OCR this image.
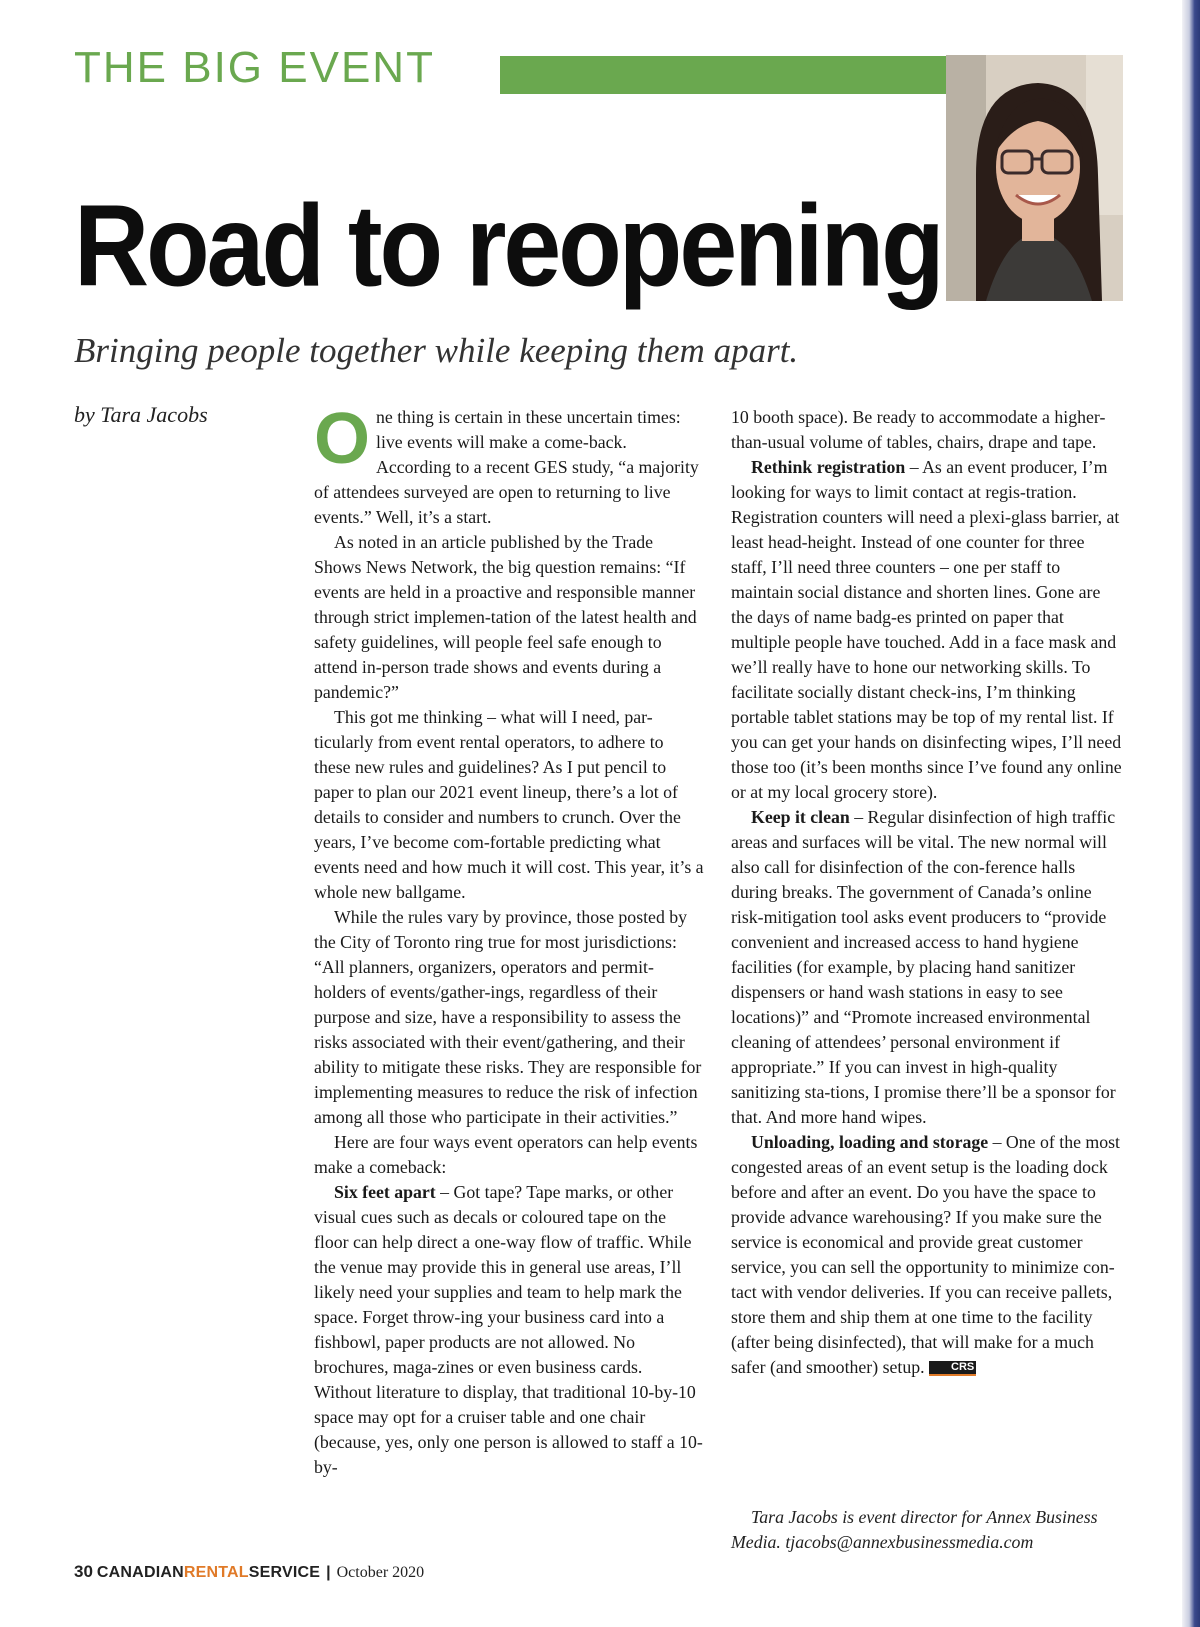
THE BIG EVENT
Road to reopening

Bringing people together while keeping them apart.

by Tara Jacobs One thing is certain in these uncertain times: live events will make a come-back. According to a recent GES study, “a majority of attendees surveyed are open to returning to live events.” Well, it’s a start.

As noted in an article published by the Trade Shows News Network, the big question remains: “If events are held in a proactive and responsible manner through strict implemen-tation of the latest health and safety guidelines, will people feel safe enough to attend in-person trade shows and events during a pandemic?”

This got me thinking – what will I need, par-ticularly from event rental operators, to adhere to these new rules and guidelines? As I put pencil to paper to plan our 2021 event lineup, there’s a lot of details to consider and numbers to crunch. Over the years, I’ve become com-fortable predicting what events need and how much it will cost. This year, it’s a whole new ballgame.

While the rules vary by province, those posted by the City of Toronto ring true for most jurisdictions: “All planners, organizers, operators and permit-holders of events/gather-ings, regardless of their purpose and size, have a responsibility to assess the risks associated with their event/gathering, and their ability to mitigate these risks. They are responsible for implementing measures to reduce the risk of infection among all those who participate in their activities.”

Here are four ways event operators can help events make a comeback:

Six feet apart – Got tape? Tape marks, or other visual cues such as decals or coloured tape on the floor can help direct a one-way flow of traffic. While the venue may provide this in general use areas, I’ll likely need your supplies and team to help mark the space. Forget throw-ing your business card into a fishbowl, paper products are not allowed. No brochures, maga-zines or even business cards. Without literature to display, that traditional 10-by-10 space may opt for a cruiser table and one chair (because, yes, only one person is allowed to staff a 10-by-

10 booth space). Be ready to accommodate a higher-than-usual volume of tables, chairs, drape and tape.

Rethink registration – As an event producer, I’m looking for ways to limit contact at regis-tration. Registration counters will need a plexi-glass barrier, at least head-height. Instead of one counter for three staff, I’ll need three counters – one per staff to maintain social distance and shorten lines. Gone are the days of name badg-es printed on paper that multiple people have touched. Add in a face mask and we’ll really have to hone our networking skills. To facilitate socially distant check-ins, I’m thinking portable tablet stations may be top of my rental list. If you can get your hands on disinfecting wipes, I’ll need those too (it’s been months since I’ve found any online or at my local grocery store).

Keep it clean – Regular disinfection of high traffic areas and surfaces will be vital. The new normal will also call for disinfection of the con-ference halls during breaks. The government of Canada’s online risk-mitigation tool asks event producers to “provide convenient and increased access to hand hygiene facilities (for example, by placing hand sanitizer dispensers or hand wash stations in easy to see locations)” and “Promote increased environmental cleaning of attendees’ personal environment if appropriate.” If you can invest in high-quality sanitizing sta-tions, I promise there’ll be a sponsor for that. And more hand wipes.

Unloading, loading and storage – One of the most congested areas of an event setup is the loading dock before and after an event. Do you have the space to provide advance warehousing? If you make sure the service is economical and provide great customer service, you can sell the opportunity to minimize con-tact with vendor deliveries. If you can receive pallets, store them and ship them at one time to the facility (after being disinfected), that will make for a much safer (and smoother) setup. CRS

Tara Jacobs is event director for Annex Business Media. tjacobs@annexbusinessmedia.com

30 CANADIANRENTALSERVICE | October 2020
